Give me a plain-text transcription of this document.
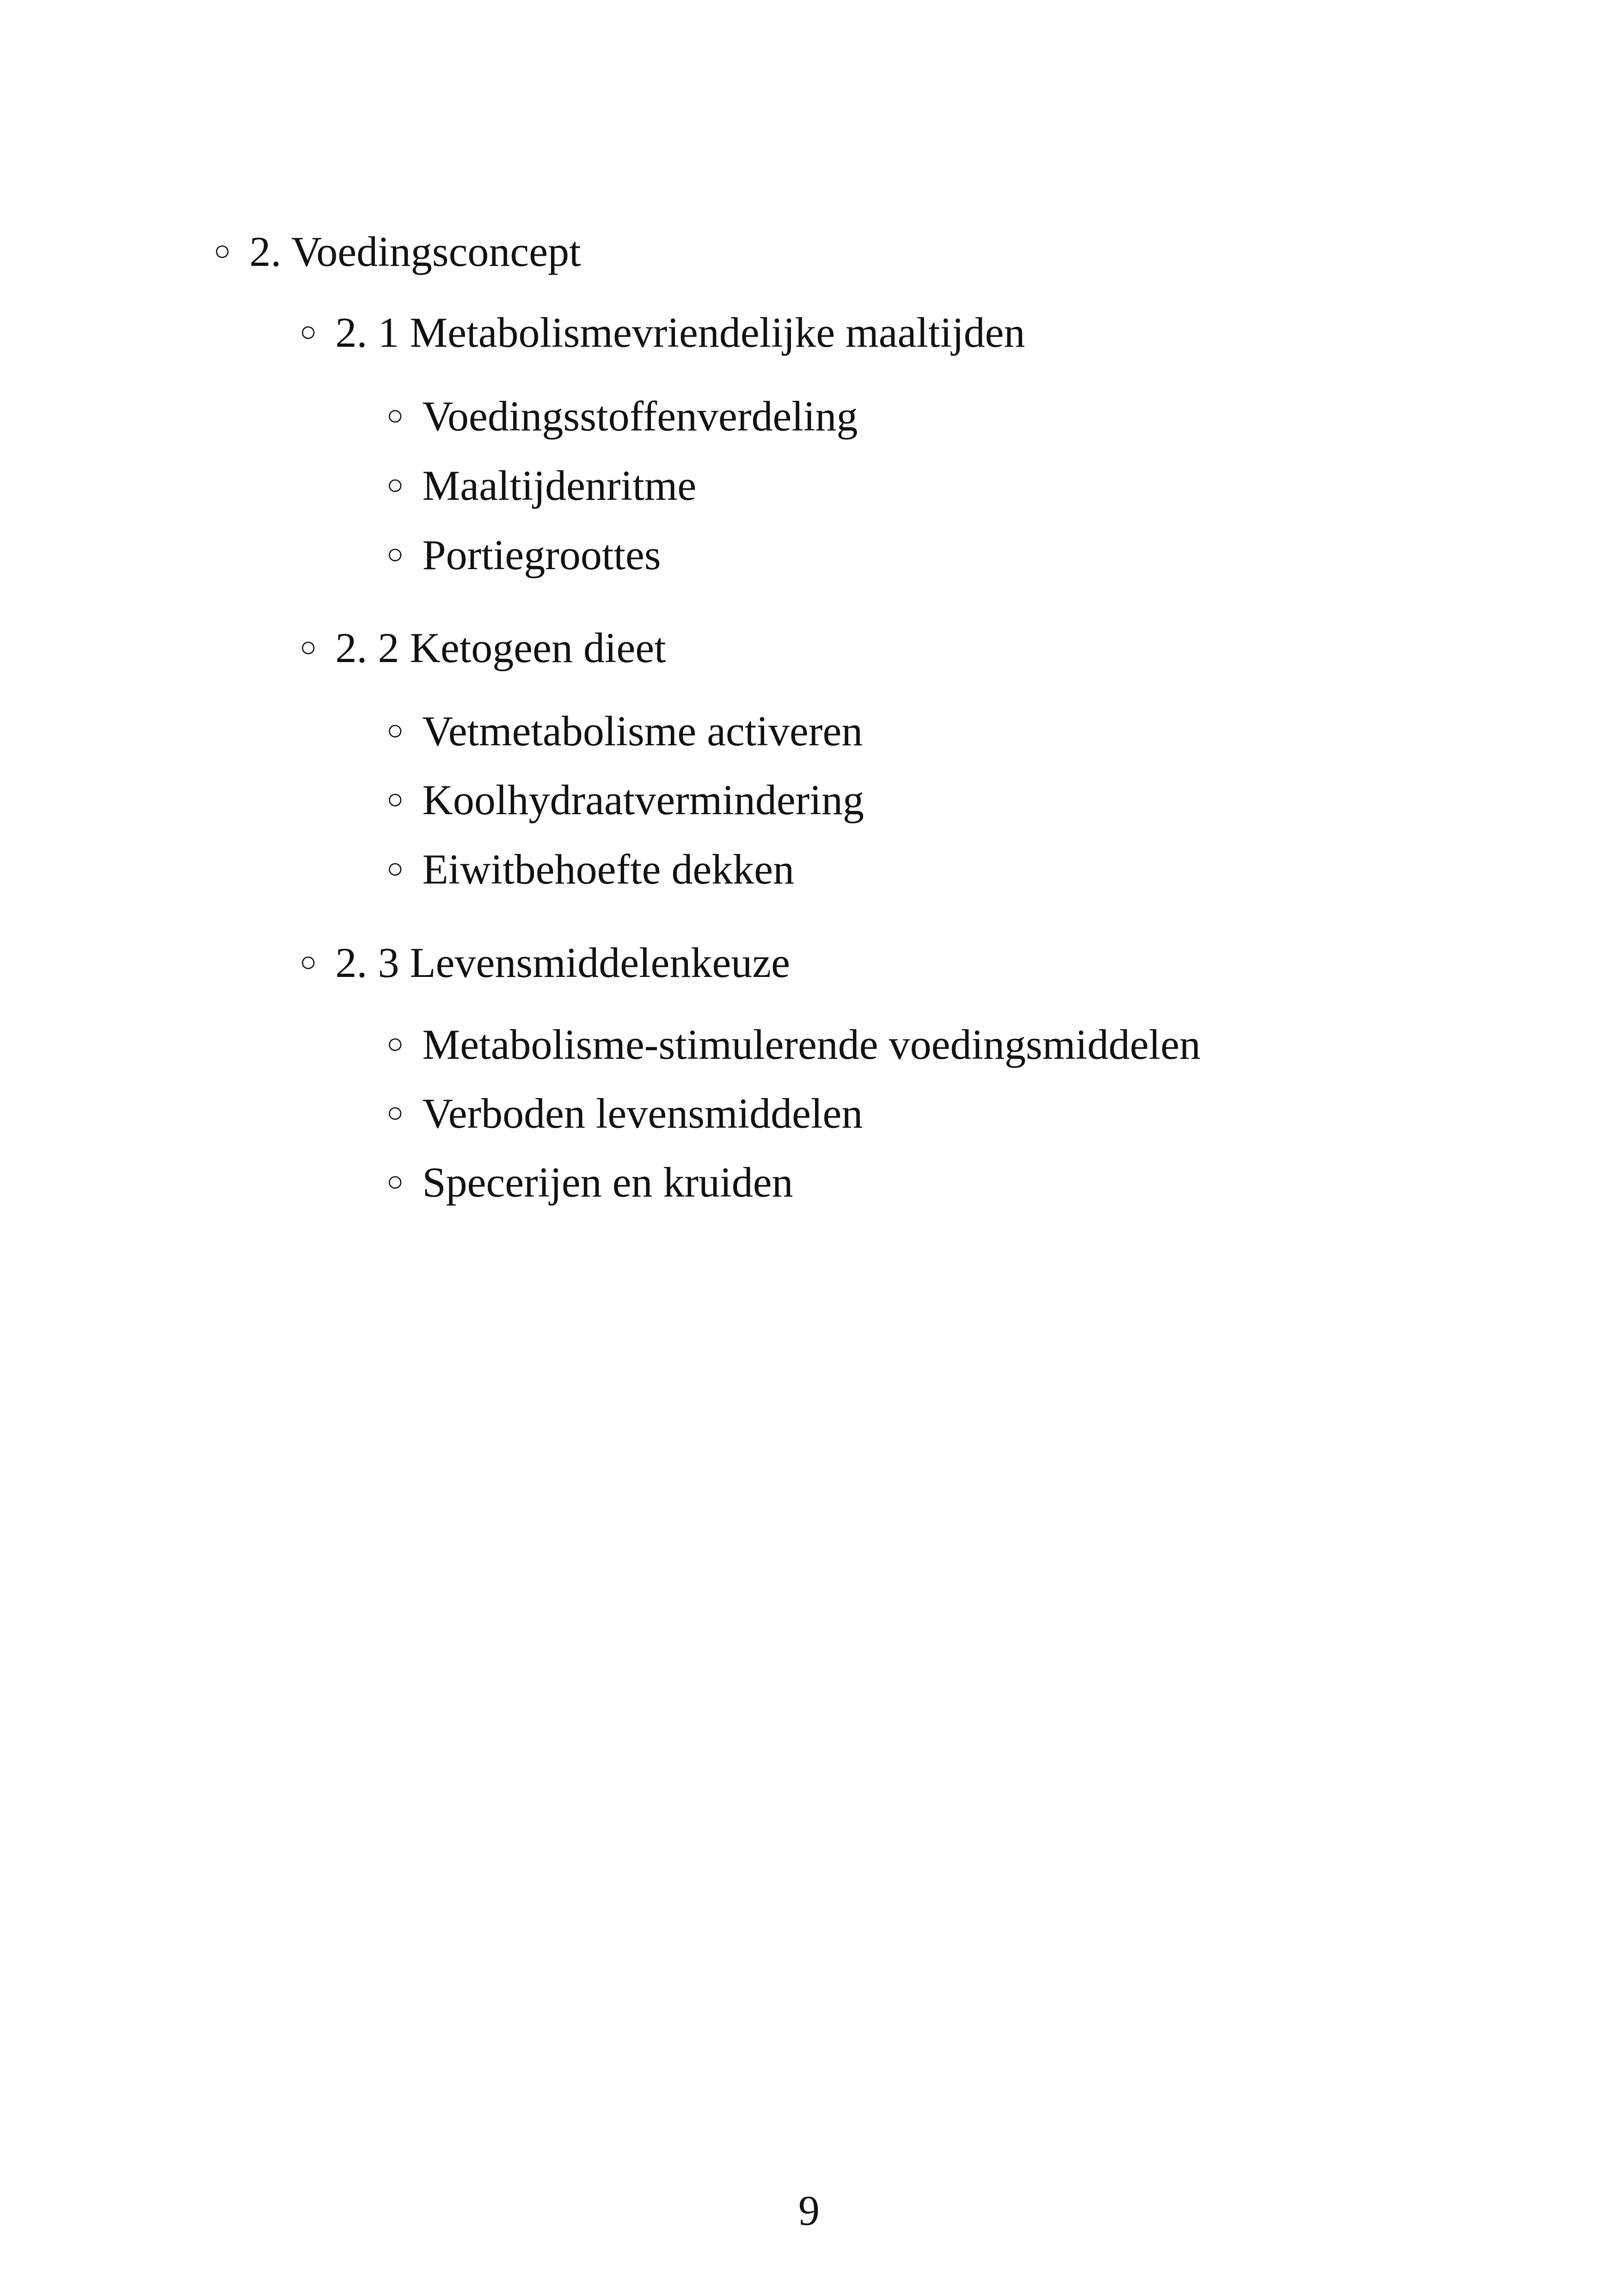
○ 2. Voedingsconcept
○ 2. 1 Metabolismevriendelijke maaltijden
○ Voedingsstoffenverdeling
○ Maaltijdenritme
○ Portiegroottes
○ 2. 2 Ketogeen dieet
○ Vetmetabolisme activeren
○ Koolhydraatvermindering
○ Eiwitbehoefte dekken
○ 2. 3 Levensmiddelenkeuze
○ Metabolisme-stimulerende voedingsmiddelen
○ Verboden levensmiddelen
○ Specerijen en kruiden
9
